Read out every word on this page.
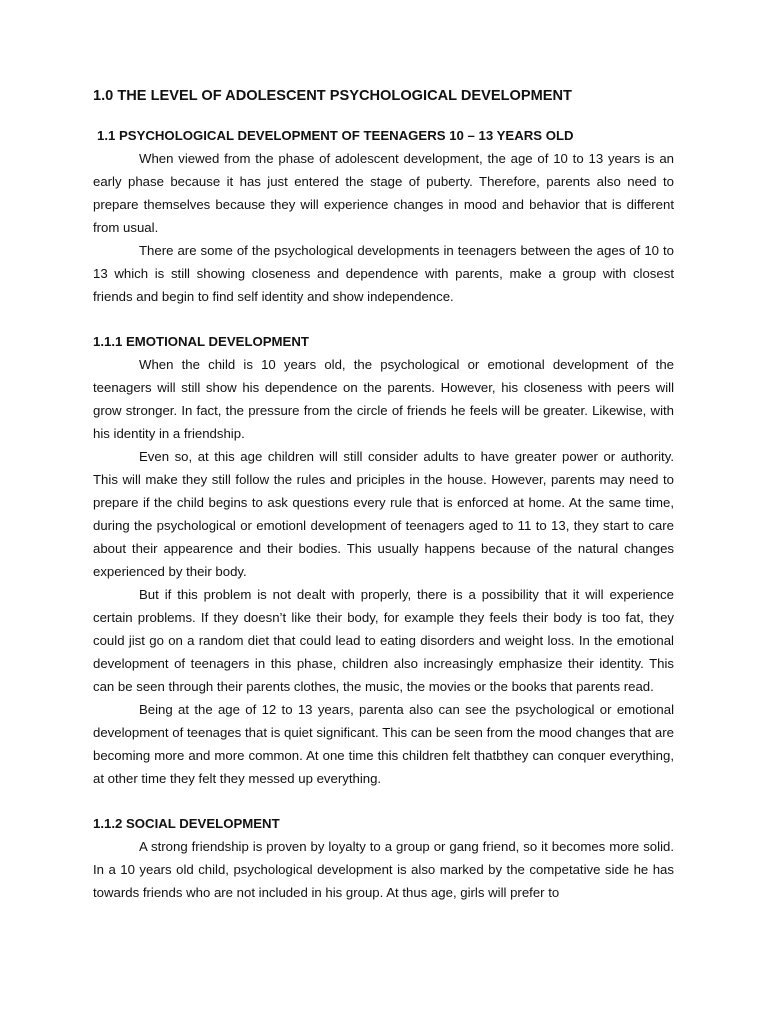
1.0 THE LEVEL OF ADOLESCENT PSYCHOLOGICAL DEVELOPMENT
1.1 PSYCHOLOGICAL DEVELOPMENT OF TEENAGERS 10 – 13 YEARS OLD

When viewed from the phase of adolescent development, the age of 10 to 13 years is an early phase because it has just entered the stage of puberty. Therefore, parents also need to prepare themselves because they will experience changes in mood and behavior that is different from usual.

There are some of the psychological developments in teenagers between the ages of 10 to 13 which is still showing closeness and dependence with parents, make a group with closest friends and begin to find self identity and show independence.

1.1.1 EMOTIONAL DEVELOPMENT

When the child is 10 years old, the psychological or emotional development of the teenagers will still show his dependence on the parents. However, his closeness with peers will grow stronger. In fact, the pressure from the circle of friends he feels will be greater. Likewise, with his identity in a friendship.

Even so, at this age children will still consider adults to have greater power or authority. This will make they still follow the rules and priciples in the house. However, parents may need to prepare if the child begins to ask questions every rule that is enforced at home. At the same time, during the psychological or emotionl development of teenagers aged to 11 to 13, they start to care about their appearence and their bodies. This usually happens because of the natural changes experienced by their body.

But if this problem is not dealt with properly, there is a possibility that it will experience certain problems. If they doesn’t like their body, for example they feels their body is too fat, they could jist go on a random diet that could lead to eating disorders and weight loss. In the emotional development of teenagers in this phase, children also increasingly emphasize their identity. This can be seen through their parents clothes, the music, the movies or the books that parents read.

Being at the age of 12 to 13 years, parenta also can see the psychological or emotional development of teenages that is quiet significant. This can be seen from the mood changes that are becoming more and more common. At one time this children felt thatbthey can conquer everything, at other time they felt they messed up everything.

1.1.2 SOCIAL DEVELOPMENT

A strong friendship is proven by loyalty to a group or gang friend, so it becomes more solid. In a 10 years old child, psychological development is also marked by the competative side he has towards friends who are not included in his group. At thus age, girls will prefer to
